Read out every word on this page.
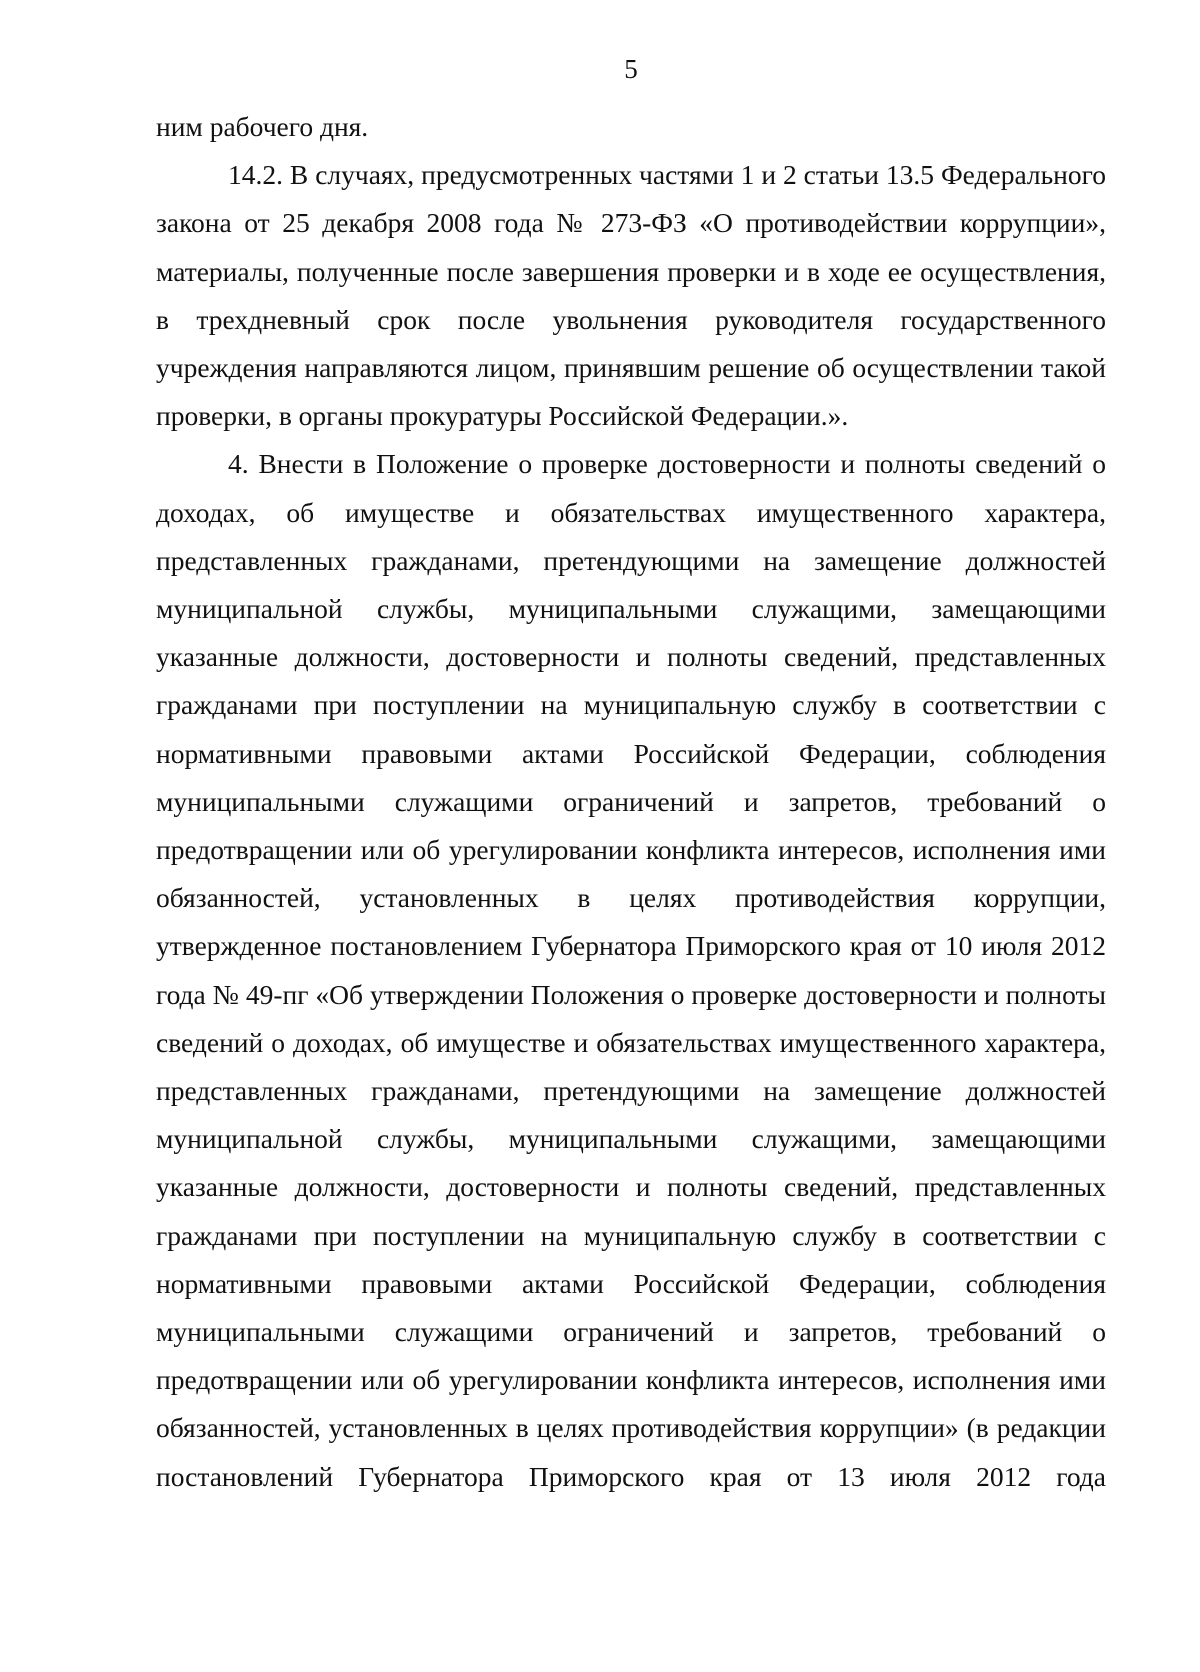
5

ним рабочего дня.

14.2. В случаях, предусмотренных частями 1 и 2 статьи 13.5 Федерального закона от 25 декабря 2008 года № 273-ФЗ «О противодействии коррупции», материалы, полученные после завершения проверки и в ходе ее осуществления, в трехдневный срок после увольнения руководителя государственного учреждения направляются лицом, принявшим решение об осуществлении такой проверки, в органы прокуратуры Российской Федерации.».

4. Внести в Положение о проверке достоверности и полноты сведений о доходах, об имуществе и обязательствах имущественного характера, представленных гражданами, претендующими на замещение должностей муниципальной службы, муниципальными служащими, замещающими указанные должности, достоверности и полноты сведений, представленных гражданами при поступлении на муниципальную службу в соответствии с нормативными правовыми актами Российской Федерации, соблюдения муниципальными служащими ограничений и запретов, требований о предотвращении или об урегулировании конфликта интересов, исполнения ими обязанностей, установленных в целях противодействия коррупции, утвержденное постановлением Губернатора Приморского края от 10 июля 2012 года № 49-пг «Об утверждении Положения о проверке достоверности и полноты сведений о доходах, об имуществе и обязательствах имущественного характера, представленных гражданами, претендующими на замещение должностей муниципальной службы, муниципальными служащими, замещающими указанные должности, достоверности и полноты сведений, представленных гражданами при поступлении на муниципальную службу в соответствии с нормативными правовыми актами Российской Федерации, соблюдения муниципальными служащими ограничений и запретов, требований о предотвращении или об урегулировании конфликта интересов, исполнения ими обязанностей, установленных в целях противодействия коррупции» (в редакции постановлений Губернатора Приморского края от 13 июля 2012 года
